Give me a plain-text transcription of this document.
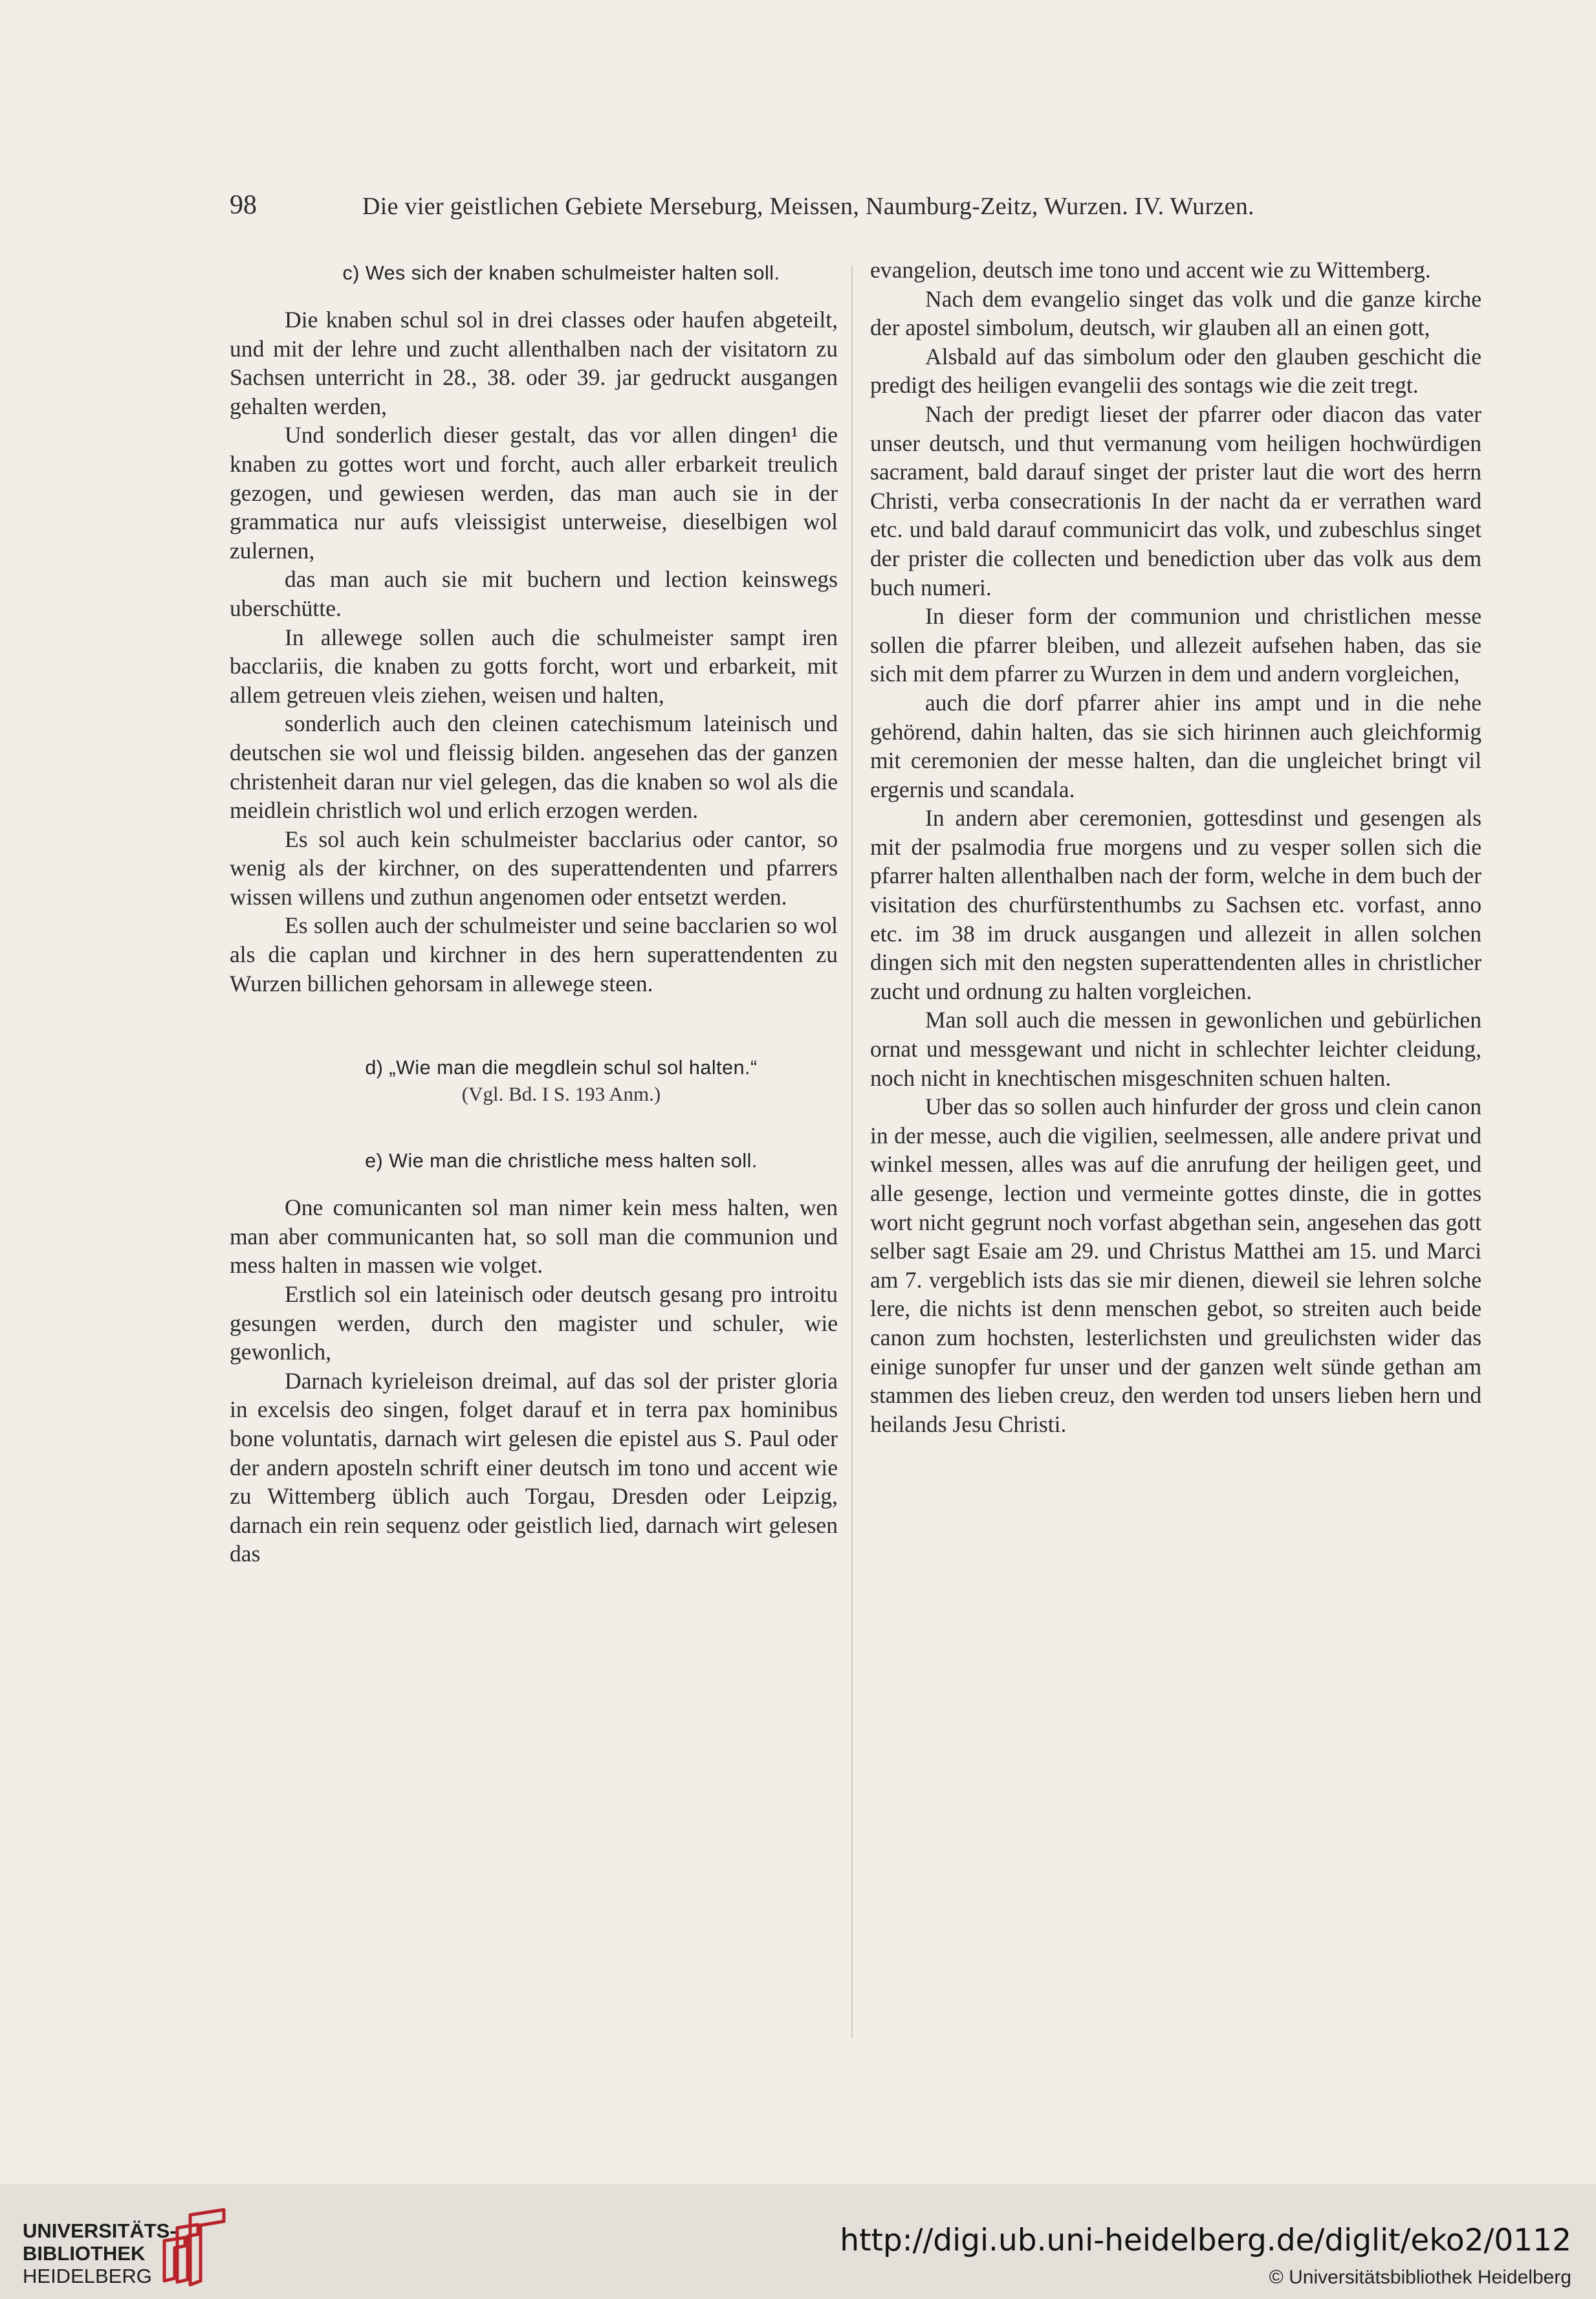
98	Die vier geistlichen Gebiete Merseburg, Meissen, Naumburg-Zeitz, Wurzen. IV. Wurzen.

c) Wes sich der knaben schulmeister halten soll.

Die knaben schul sol in drei classes oder haufen abgeteilt, und mit der lehre und zucht allenthalben nach der visitatorn zu Sachsen unterricht in 28., 38. oder 39. jar gedruckt ausgangen gehalten werden,

Und sonderlich dieser gestalt, das vor allen dingen¹ die knaben zu gottes wort und forcht, auch aller erbarkeit treulich gezogen, und gewiesen werden, das man auch sie in der grammatica nur aufs vleissigist unterweise, dieselbigen wol zulernen,

das man auch sie mit buchern und lection keinswegs uberschütte.

In allewege sollen auch die schulmeister sampt iren bacclariis, die knaben zu gotts forcht, wort und erbarkeit, mit allem getreuen vleis ziehen, weisen und halten,

sonderlich auch den cleinen catechismum lateinisch und deutschen sie wol und fleissig bilden. angesehen das der ganzen christenheit daran nur viel gelegen, das die knaben so wol als die meidlein christlich wol und erlich erzogen werden.

Es sol auch kein schulmeister bacclarius oder cantor, so wenig als der kirchner, on des superattendenten und pfarrers wissen willens und zuthun angenomen oder entsetzt werden.

Es sollen auch der schulmeister und seine bacclarien so wol als die caplan und kirchner in des hern superattendenten zu Wurzen billichen gehorsam in allewege steen.

d) „Wie man die megdlein schul sol halten.“

(Vgl. Bd. I S. 193 Anm.)

e) Wie man die christliche mess halten soll.

One comunicanten sol man nimer kein mess halten, wen man aber communicanten hat, so soll man die communion und mess halten in massen wie volget.

Erstlich sol ein lateinisch oder deutsch gesang pro introitu gesungen werden, durch den magister und schuler, wie gewonlich,

Darnach kyrieleison dreimal, auf das sol der prister gloria in excelsis deo singen, folget darauf et in terra pax hominibus bone voluntatis, darnach wirt gelesen die epistel aus S. Paul oder der andern aposteln schrift einer deutsch im tono und accent wie zu Wittemberg üblich auch Torgau, Dresden oder Leipzig, darnach ein rein sequenz oder geistlich lied, darnach wirt gelesen das

evangelion, deutsch ime tono und accent wie zu Wittemberg.

Nach dem evangelio singet das volk und die ganze kirche der apostel simbolum, deutsch, wir glauben all an einen gott,

Alsbald auf das simbolum oder den glauben geschicht die predigt des heiligen evangelii des sontags wie die zeit tregt.

Nach der predigt lieset der pfarrer oder diacon das vater unser deutsch, und thut vermanung vom heiligen hochwürdigen sacrament, bald darauf singet der prister laut die wort des herrn Christi, verba consecrationis In der nacht da er verrathen ward etc. und bald darauf communicirt das volk, und zubeschlus singet der prister die collecten und benediction uber das volk aus dem buch numeri.

In dieser form der communion und christlichen messe sollen die pfarrer bleiben, und allezeit aufsehen haben, das sie sich mit dem pfarrer zu Wurzen in dem und andern vorgleichen,

auch die dorf pfarrer ahier ins ampt und in die nehe gehörend, dahin halten, das sie sich hirinnen auch gleichformig mit ceremonien der messe halten, dan die ungleichet bringt vil ergernis und scandala.

In andern aber ceremonien, gottesdinst und gesengen als mit der psalmodia frue morgens und zu vesper sollen sich die pfarrer halten allenthalben nach der form, welche in dem buch der visitation des churfürstenthumbs zu Sachsen etc. vorfast, anno etc. im 38 im druck ausgangen und allezeit in allen solchen dingen sich mit den negsten superattendenten alles in christlicher zucht und ordnung zu halten vorgleichen.

Man soll auch die messen in gewonlichen und gebürlichen ornat und messgewant und nicht in schlechter leichter cleidung, noch nicht in knechtischen misgeschniten schuen halten.

Uber das so sollen auch hinfurder der gross und clein canon in der messe, auch die vigilien, seelmessen, alle andere privat und winkel messen, alles was auf die anrufung der heiligen geet, und alle gesenge, lection und vermeinte gottes dinste, die in gottes wort nicht gegrunt noch vorfast abgethan sein, angesehen das gott selber sagt Esaie am 29. und Christus Matthei am 15. und Marci am 7. vergeblich ists das sie mir dienen, dieweil sie lehren solche lere, die nichts ist denn menschen gebot, so streiten auch beide canon zum hochsten, lesterlichsten und greulichsten wider das einige sunopfer fur unser und der ganzen welt sünde gethan am stammen des lieben creuz, den werden tod unsers lieben hern und heilands Jesu Christi.

UNIVERSITÄTS-
BIBLIOTHEK
HEIDELBERG
http://digi.ub.uni-heidelberg.de/diglit/eko2/0112
© Universitätsbibliothek Heidelberg
